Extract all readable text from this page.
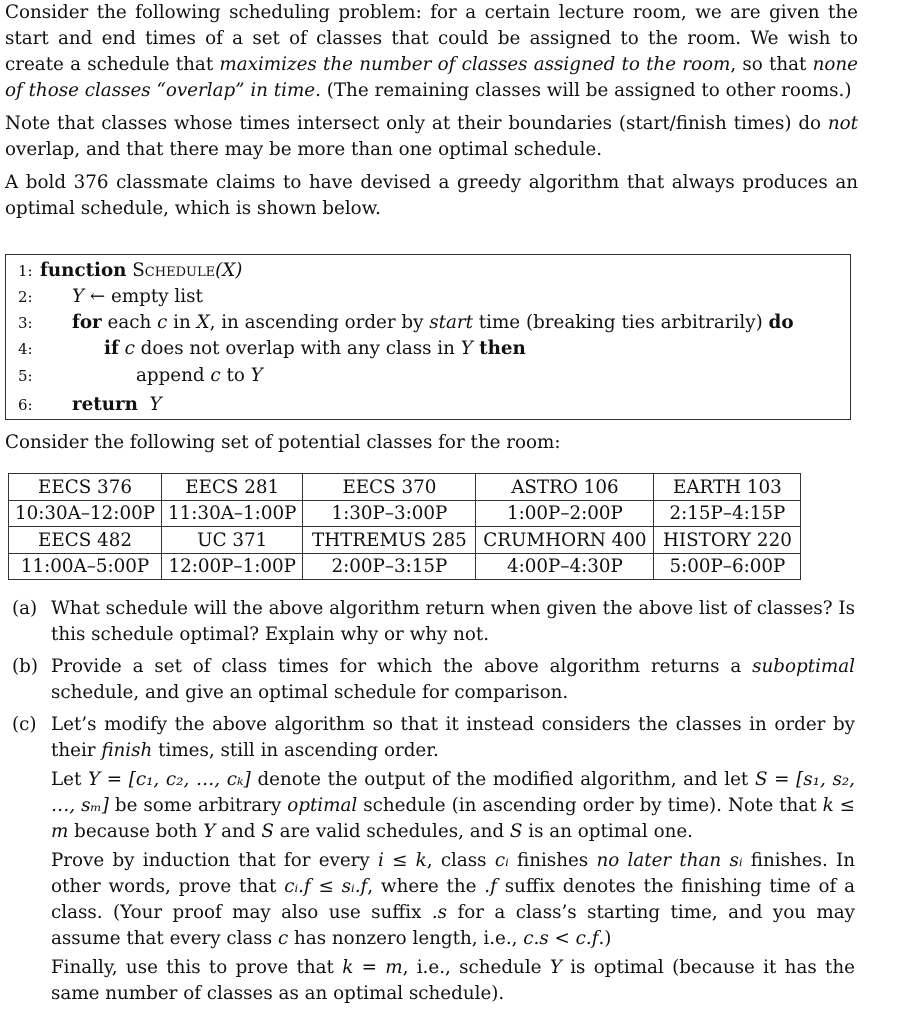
Consider the following scheduling problem: for a certain lecture room, we are given the start and end times of a set of classes that could be assigned to the room. We wish to create a schedule that maximizes the number of classes assigned to the room, so that none of those classes “overlap” in time. (The remaining classes will be assigned to other rooms.)

Note that classes whose times intersect only at their boundaries (start/finish times) do not overlap, and that there may be more than one optimal schedule.

A bold 376 classmate claims to have devised a greedy algorithm that always produces an optimal schedule, which is shown below.

1: function Schedule(X)
2: Y ← empty list
3: for each c in X, in ascending order by start time (breaking ties arbitrarily) do
4:	if c does not overlap with any class in Y then
5:	append c to Y
6: return Y
Consider the following set of potential classes for the room:
EECS 376	EECS 281	EECS 370	ASTRO 106	EARTH 103
10:30A–12:00P	11:30A–1:00P	1:30P–3:00P	1:00P–2:00P	2:15P–4:15P
EECS 482	UC 371	THTREMUS 285	CRUMHORN 400	HISTORY 220
11:00A–5:00P	12:00P–1:00P	2:00P–3:15P	4:00P–4:30P	5:00P–6:00P
(a) What schedule will the above algorithm return when given the above list of classes? Is this schedule optimal? Explain why or why not.

(b) Provide a set of class times for which the above algorithm returns a suboptimal schedule, and give an optimal schedule for comparison.

(c) Let’s modify the above algorithm so that it instead considers the classes in order by their finish times, still in ascending order.

Let Y = [c₁, c₂, …, cₖ] denote the output of the modified algorithm, and let S = [s₁, s₂, …, sₘ] be some arbitrary optimal schedule (in ascending order by time). Note that k ≤ m because both Y and S are valid schedules, and S is an optimal one.

Prove by induction that for every i ≤ k, class cᵢ finishes no later than sᵢ finishes. In other words, prove that cᵢ.f ≤ sᵢ.f, where the .f suffix denotes the finishing time of a class. (Your proof may also use suffix .s for a class’s starting time, and you may assume that every class c has nonzero length, i.e., c.s < c.f.)

Finally, use this to prove that k = m, i.e., schedule Y is optimal (because it has the same number of classes as an optimal schedule).
